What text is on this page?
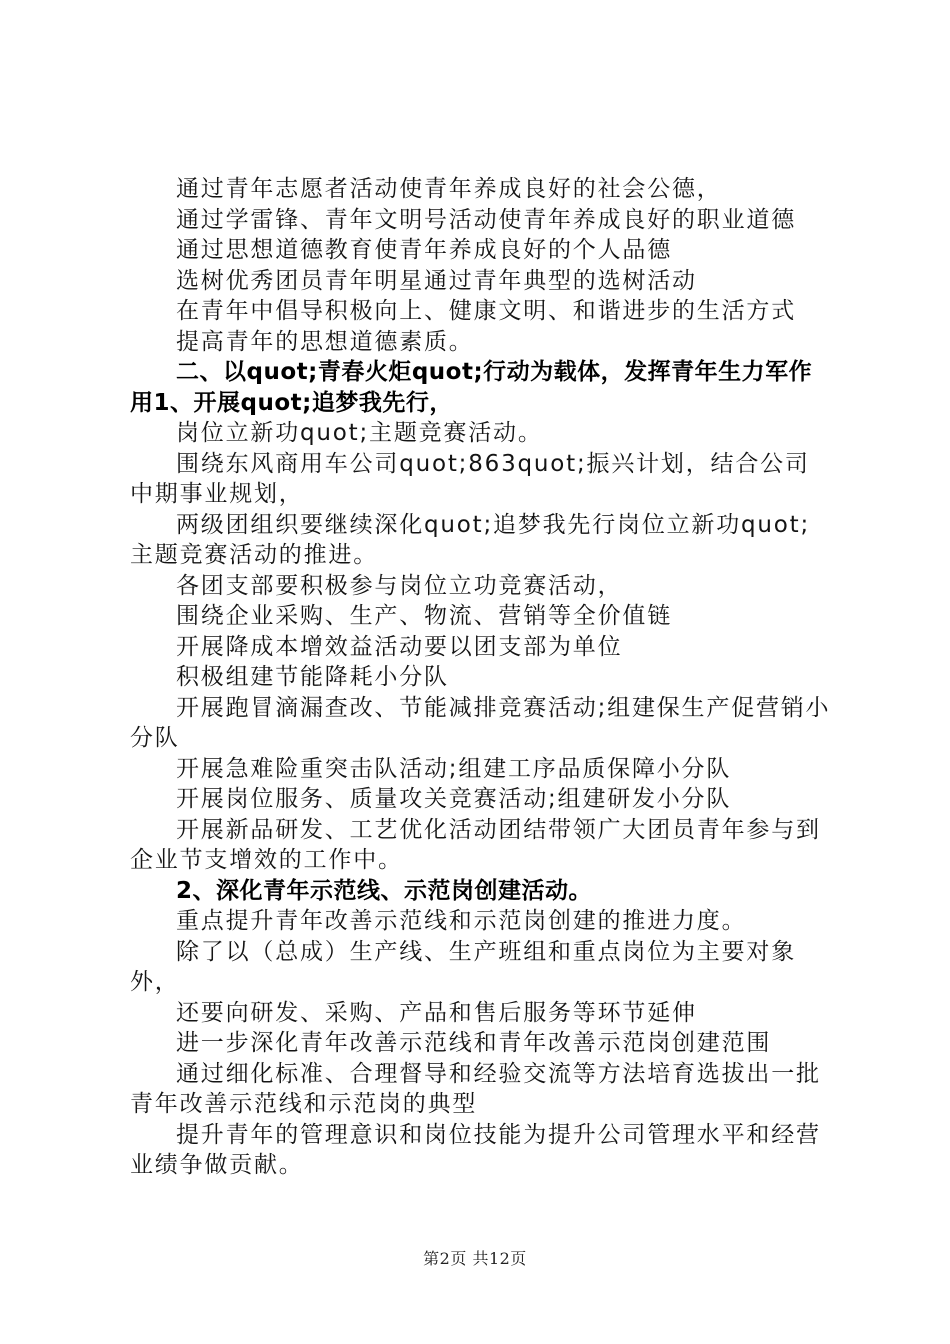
通过青年志愿者活动使青年养成良好的社会公德，

通过学雷锋、青年文明号活动使青年养成良好的职业道德

通过思想道德教育使青年养成良好的个人品德

选树优秀团员青年明星通过青年典型的选树活动

在青年中倡导积极向上、健康文明、和谐进步的生活方式

提高青年的思想道德素质。

二、以quot;青春火炬quot;行动为载体，发挥青年生力军作用1、开展quot;追梦我先行，

岗位立新功quot;主题竞赛活动。

围绕东风商用车公司quot;863quot;振兴计划，结合公司中期事业规划，

两级团组织要继续深化quot;追梦我先行岗位立新功quot;主题竞赛活动的推进。

各团支部要积极参与岗位立功竞赛活动，

围绕企业采购、生产、物流、营销等全价值链

开展降成本增效益活动要以团支部为单位

积极组建节能降耗小分队

开展跑冒滴漏查改、节能减排竞赛活动;组建保生产促营销小分队

开展急难险重突击队活动;组建工序品质保障小分队

开展岗位服务、质量攻关竞赛活动;组建研发小分队

开展新品研发、工艺优化活动团结带领广大团员青年参与到企业节支增效的工作中。

2、深化青年示范线、示范岗创建活动。

重点提升青年改善示范线和示范岗创建的推进力度。

除了以（总成）生产线、生产班组和重点岗位为主要对象外，

还要向研发、采购、产品和售后服务等环节延伸

进一步深化青年改善示范线和青年改善示范岗创建范围

通过细化标准、合理督导和经验交流等方法培育选拔出一批青年改善示范线和示范岗的典型

提升青年的管理意识和岗位技能为提升公司管理水平和经营业绩争做贡献。

第2页 共12页
